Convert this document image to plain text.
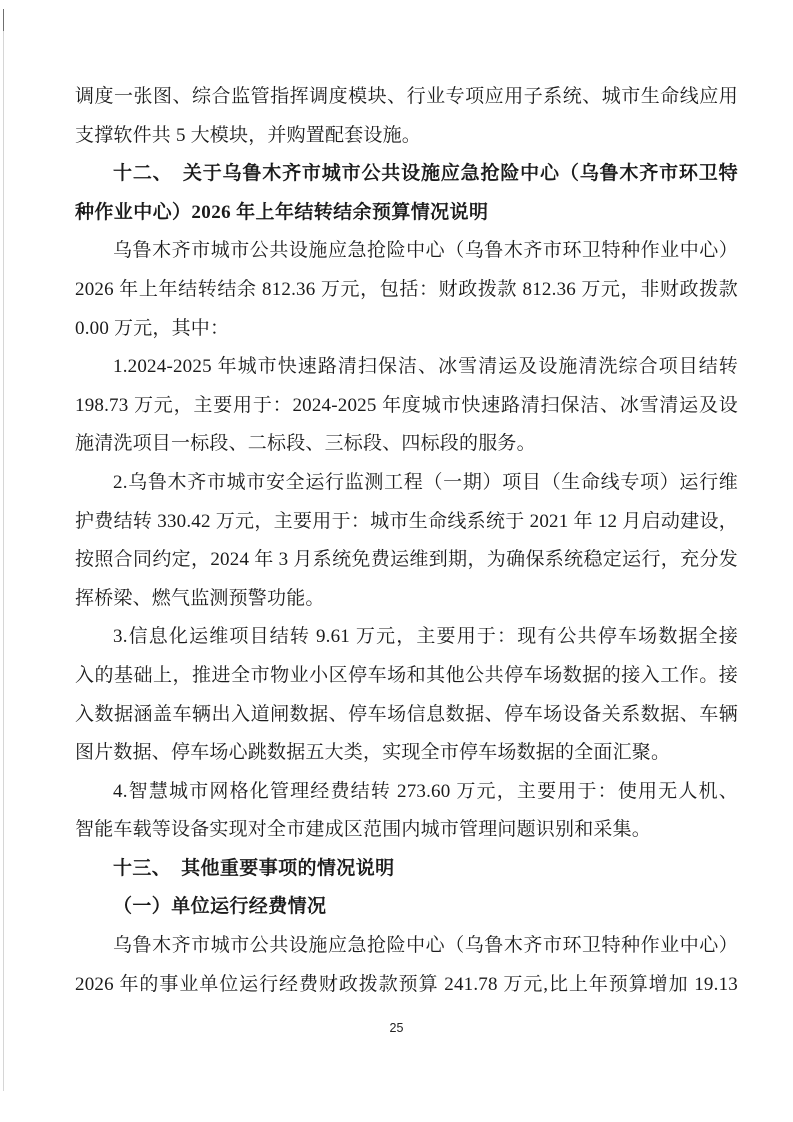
调度一张图、综合监管指挥调度模块、行业专项应用子系统、城市生命线应用
支撑软件共 5 大模块，并购置配套设施。
十二、　关于乌鲁木齐市城市公共设施应急抢险中心（乌鲁木齐市环卫特
种作业中心）2026 年上年结转结余预算情况说明
乌鲁木齐市城市公共设施应急抢险中心（乌鲁木齐市环卫特种作业中心）
2026 年上年结转结余 812.36 万元，包括：财政拨款 812.36 万元，非财政拨款
0.00 万元，其中：
1.2024-2025 年城市快速路清扫保洁、冰雪清运及设施清洗综合项目结转
198.73 万元，主要用于：2024-2025 年度城市快速路清扫保洁、冰雪清运及设
施清洗项目一标段、二标段、三标段、四标段的服务。
2.乌鲁木齐市城市安全运行监测工程（一期）项目（生命线专项）运行维
护费结转 330.42 万元，主要用于：城市生命线系统于 2021 年 12 月启动建设，
按照合同约定，2024 年 3 月系统免费运维到期，为确保系统稳定运行，充分发
挥桥梁、燃气监测预警功能。
3.信息化运维项目结转 9.61 万元，主要用于：现有公共停车场数据全接
入的基础上，推进全市物业小区停车场和其他公共停车场数据的接入工作。接
入数据涵盖车辆出入道闸数据、停车场信息数据、停车场设备关系数据、车辆
图片数据、停车场心跳数据五大类，实现全市停车场数据的全面汇聚。
4.智慧城市网格化管理经费结转 273.60 万元，主要用于：使用无人机、
智能车载等设备实现对全市建成区范围内城市管理问题识别和采集。
十三、　其他重要事项的情况说明
（一）单位运行经费情况
乌鲁木齐市城市公共设施应急抢险中心（乌鲁木齐市环卫特种作业中心）
2026 年的事业单位运行经费财政拨款预算 241.78 万元,比上年预算增加 19.13
25
